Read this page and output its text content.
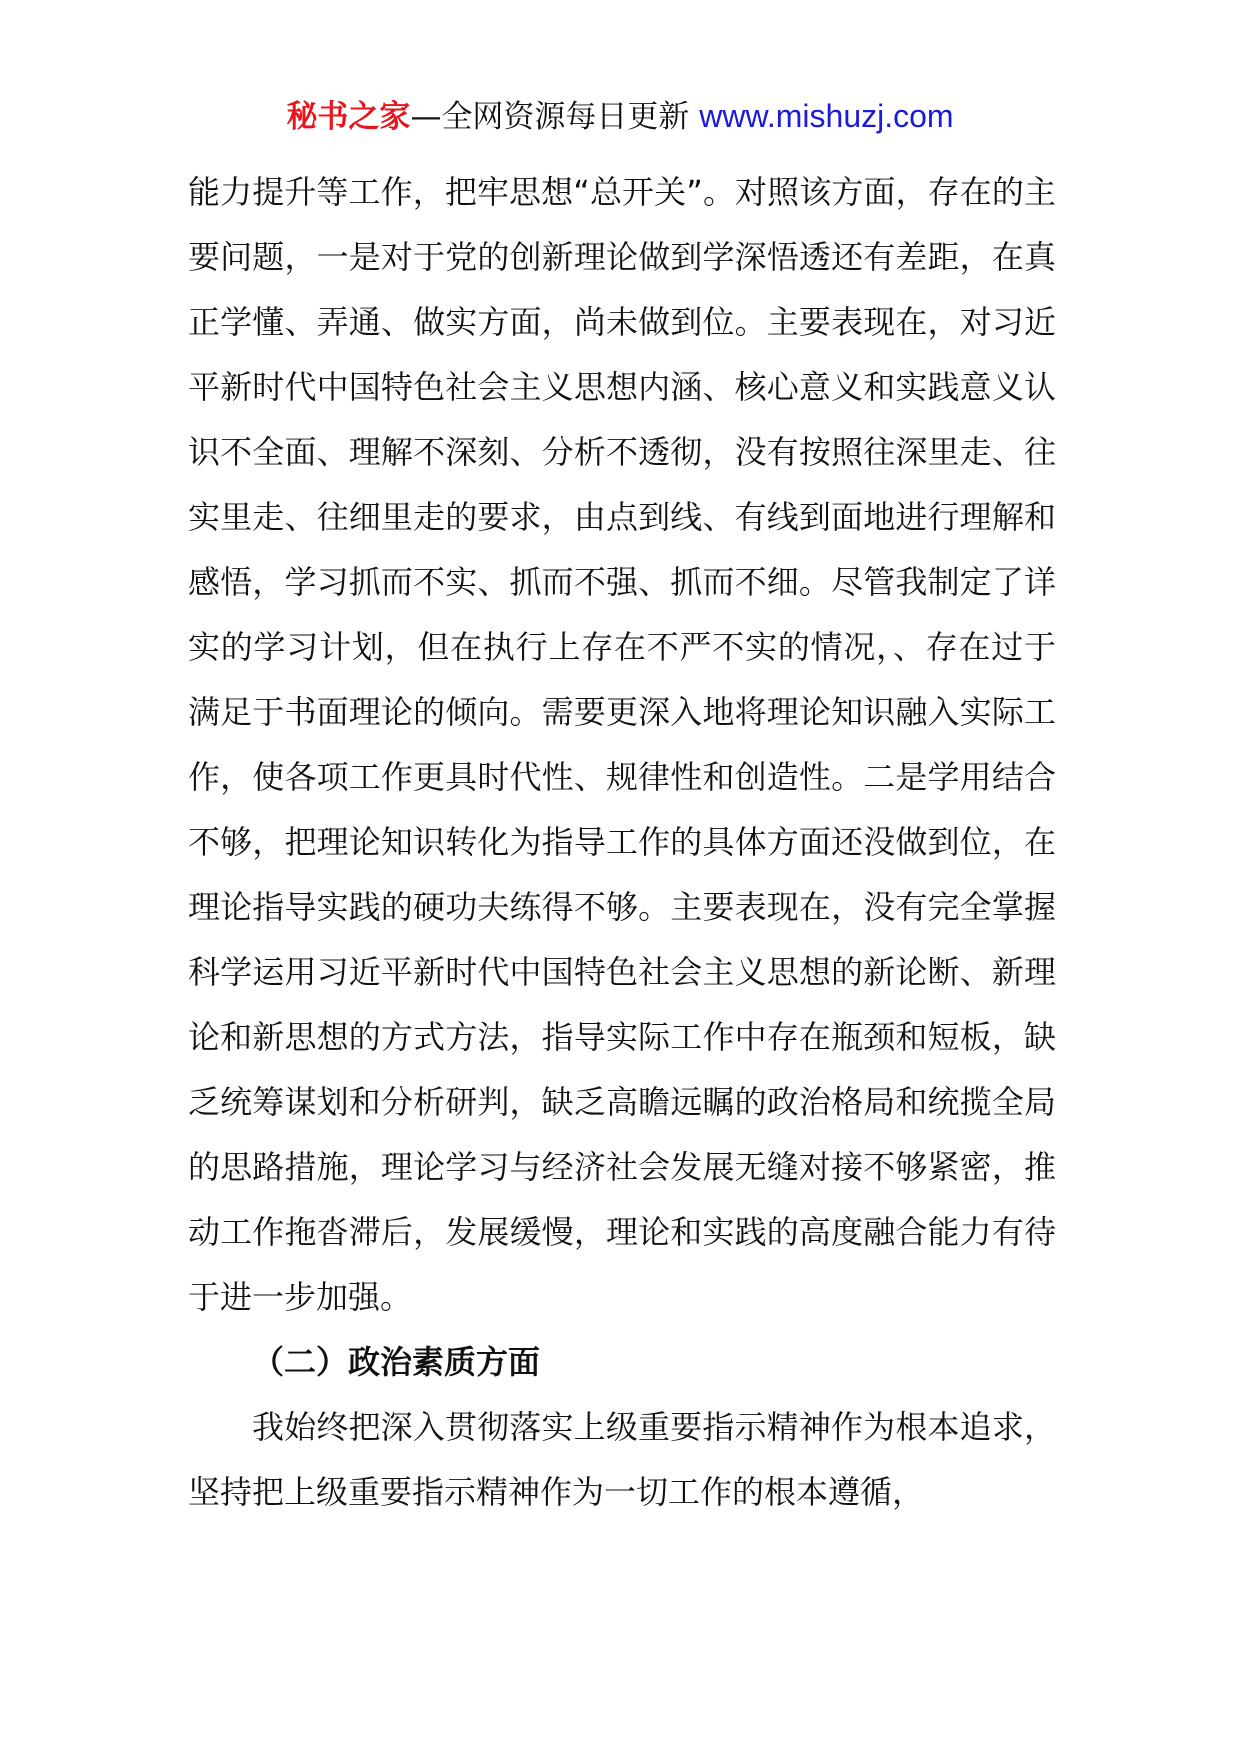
秘书之家—全网资源每日更新 www.mishuzj.com

能力提升等工作，把牢思想“总开关”。对照该方面，存在的主要问题，一是对于党的创新理论做到学深悟透还有差距，在真正学懂、弄通、做实方面，尚未做到位。主要表现在，对习近平新时代中国特色社会主义思想内涵、核心意义和实践意义认识不全面、理解不深刻、分析不透彻，没有按照往深里走、往实里走、往细里走的要求，由点到线、有线到面地进行理解和感悟，学习抓而不实、抓而不强、抓而不细。尽管我制定了详实的学习计划，但在执行上存在不严不实的情况，、存在过于满足于书面理论的倾向。需要更深入地将理论知识融入实际工作，使各项工作更具时代性、规律性和创造性。二是学用结合不够，把理论知识转化为指导工作的具体方面还没做到位，在理论指导实践的硬功夫练得不够。主要表现在，没有完全掌握科学运用习近平新时代中国特色社会主义思想的新论断、新理论和新思想的方式方法，指导实际工作中存在瓶颈和短板，缺乏统筹谋划和分析研判，缺乏高瞻远瞩的政治格局和统揽全局的思路措施，理论学习与经济社会发展无缝对接不够紧密，推动工作拖沓滞后，发展缓慢，理论和实践的高度融合能力有待于进一步加强。

（二）政治素质方面

我始终把深入贯彻落实上级重要指示精神作为根本追求，坚持把上级重要指示精神作为一切工作的根本遵循，
